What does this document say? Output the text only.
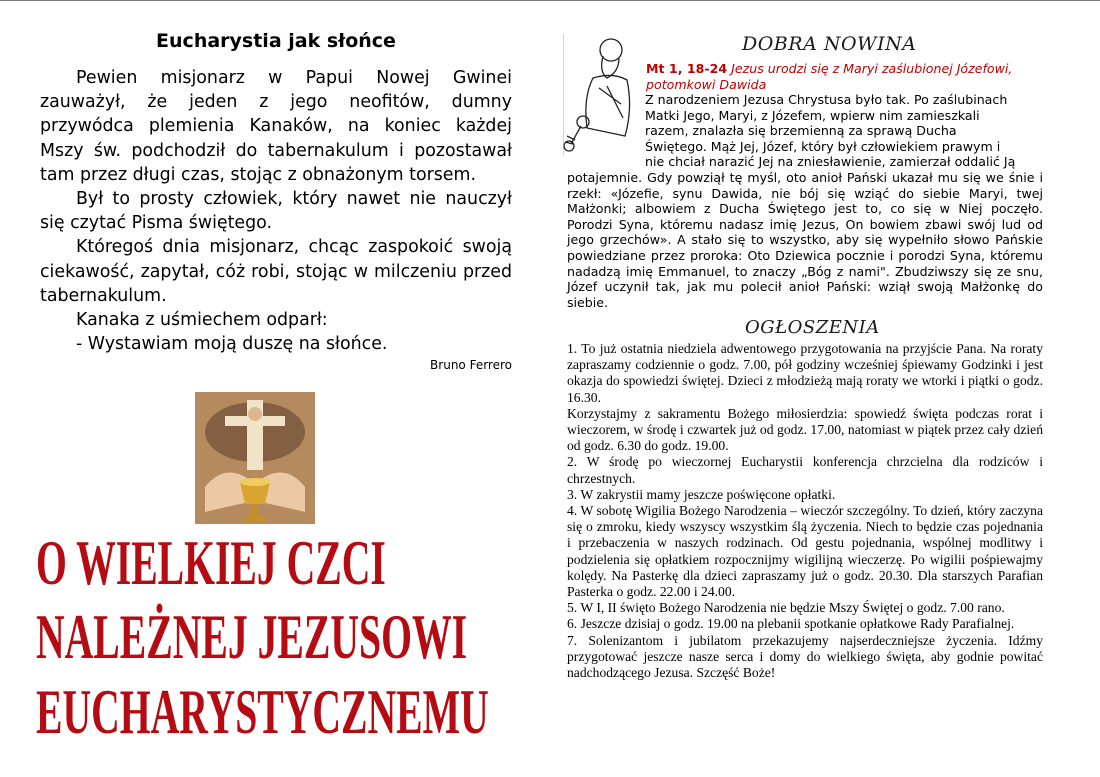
Eucharystia jak słońce

Pewien misjonarz w Papui Nowej Gwinei zauważył, że jeden z jego neofitów, dumny przywódca plemienia Kanaków, na koniec każdej Mszy św. podchodził do tabernakulum i pozostawał tam przez długi czas, stojąc z obnażonym torsem.

Był to prosty człowiek, który nawet nie nauczył się czytać Pisma świętego.

Któregoś dnia misjonarz, chcąc zaspokoić swoją ciekawość, zapytał, cóż robi, stojąc w milczeniu przed tabernakulum.

Kanaka z uśmiechem odparł:

- Wystawiam moją duszę na słońce.

Bruno Ferrero
O WIELKIEJ CZCI
NALEŻNEJ JEZUSOWI
EUCHARYSTYCZNEMU
DOBRA NOWINA
Mt 1, 18-24 Jezus urodzi się z Maryi zaślubionej Józefowi, potomkowi Dawida
Z narodzeniem Jezusa Chrystusa było tak. Po zaślubinach
Matki Jego, Maryi, z Józefem, wpierw nim zamieszkali
razem, znalazła się brzemienną za sprawą Ducha
Świętego. Mąż Jej, Józef, który był człowiekiem prawym i
nie chciał narazić Jej na zniesławienie, zamierzał oddalić Ją
potajemnie. Gdy powziął tę myśl, oto anioł Pański ukazał mu się we śnie i rzekł: «Józefie, synu Dawida, nie bój się wziąć do siebie Maryi, twej Małżonki; albowiem z Ducha Świętego jest to, co się w Niej poczęło. Porodzi Syna, któremu nadasz imię Jezus, On bowiem zbawi swój lud od jego grzechów». A stało się to wszystko, aby się wypełniło słowo Pańskie powiedziane przez proroka: Oto Dziewica pocznie i porodzi Syna, któremu nadadzą imię Emmanuel, to znaczy „Bóg z nami". Zbudziwszy się ze snu, Józef uczynił tak, jak mu polecił anioł Pański: wziął swoją Małżonkę do siebie.
OGŁOSZENIA
1. To już ostatnia niedziela adwentowego przygotowania na przyjście Pana. Na roraty zapraszamy codziennie o godz. 7.00, pół godziny wcześniej śpiewamy Godzinki i jest okazja do spowiedzi świętej. Dzieci z młodzieżą mają roraty we wtorki i piątki o godz. 16.30.
Korzystajmy z sakramentu Bożego miłosierdzia: spowiedź święta podczas rorat i wieczorem, w środę i czwartek już od godz. 17.00, natomiast w piątek przez cały dzień od godz. 6.30 do godz. 19.00.
2. W środę po wieczornej Eucharystii konferencja chrzcielna dla rodziców i chrzestnych.
3. W zakrystii mamy jeszcze poświęcone opłatki.
4. W sobotę Wigilia Bożego Narodzenia – wieczór szczególny. To dzień, który zaczyna się o zmroku, kiedy wszyscy wszystkim ślą życzenia. Niech to będzie czas pojednania i przebaczenia w naszych rodzinach. Od gestu pojednania, wspólnej modlitwy i podzielenia się opłatkiem rozpocznijmy wigilijną wieczerzę. Po wigilii pośpiewajmy kolędy. Na Pasterkę dla dzieci zapraszamy już o godz. 20.30. Dla starszych Parafian Pasterka o godz. 22.00 i 24.00.
5. W I, II święto Bożego Narodzenia nie będzie Mszy Świętej o godz. 7.00 rano.
6. Jeszcze dzisiaj o godz. 19.00 na plebanii spotkanie opłatkowe Rady Parafialnej.
7. Solenizantom i jubilatom przekazujemy najserdeczniejsze życzenia. Idźmy przygotować jeszcze nasze serca i domy do wielkiego święta, aby godnie powitać nadchodzącego Jezusa. Szczęść Boże!
